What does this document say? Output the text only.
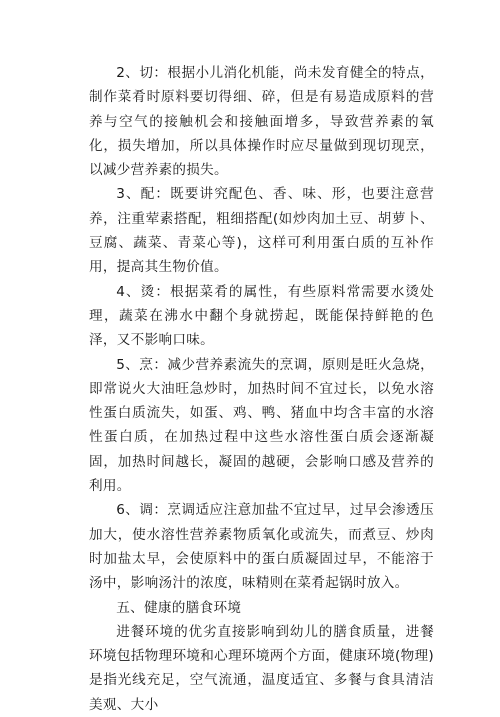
2、切：根据小儿消化机能，尚未发育健全的特点，制作菜肴时原料要切得细、碎，但是有易造成原料的营养与空气的接触机会和接触面增多，导致营养素的氧化，损失增加，所以具体操作时应尽量做到现切现烹，以减少营养素的损失。

3、配：既要讲究配色、香、味、形，也要注意营养，注重荤素搭配，粗细搭配(如炒肉加土豆、胡萝卜、豆腐、蔬菜、青菜心等)，这样可利用蛋白质的互补作用，提高其生物价值。

4、烫：根据菜肴的属性，有些原料常需要水烫处理，蔬菜在沸水中翻个身就捞起，既能保持鲜艳的色泽，又不影响口味。

5、烹：减少营养素流失的烹调，原则是旺火急烧，即常说火大油旺急炒时，加热时间不宜过长，以免水溶性蛋白质流失，如蛋、鸡、鸭、猪血中均含丰富的水溶性蛋白质，在加热过程中这些水溶性蛋白质会逐渐凝固，加热时间越长，凝固的越硬，会影响口感及营养的利用。

6、调：烹调适应注意加盐不宜过早，过早会渗透压加大，使水溶性营养素物质氧化或流失，而煮豆、炒肉时加盐太早，会使原料中的蛋白质凝固过早，不能溶于汤中，影响汤汁的浓度，味精则在菜肴起锅时放入。

五、健康的膳食环境

进餐环境的优劣直接影响到幼儿的膳食质量，进餐环境包括物理环境和心理环境两个方面，健康环境(物理)是指光线充足，空气流通，温度适宜、多餐与食具清洁美观、大小
